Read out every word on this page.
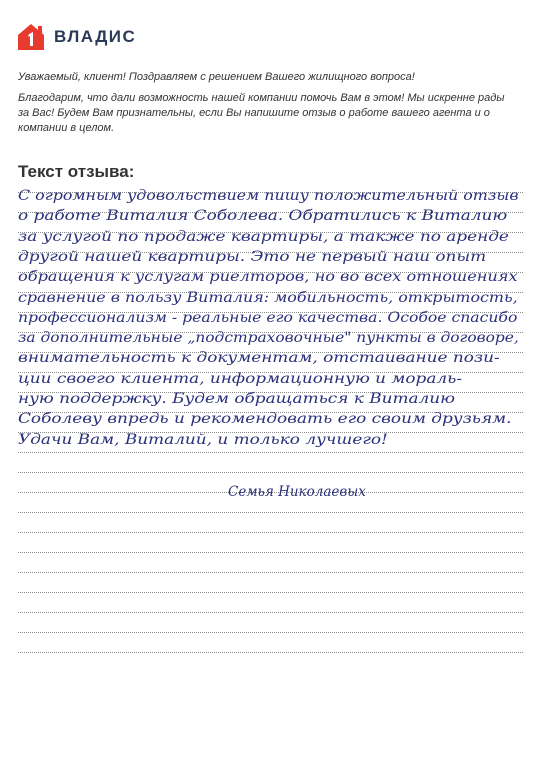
ВЛАДИС

Уважаемый, клиент! Поздравляем с решением Вашего жилищного вопроса!

Благодарим, что дали возможность нашей компании помочь Вам в этом! Мы искренне рады за Вас! Будем Вам признательны, если Вы напишите отзыв о работе вашего агента и о компании в целом.

Текст отзыва:
С огромным удовольствием пишу положительный отзыв
о работе Виталия Соболева. Обратились к Виталию
за услугой по продаже квартиры, а также по аренде
другой нашей квартиры. Это не первый наш опыт
обращения к услугам риелторов, но во всех отношениях
сравнение в пользу Виталия: мобильность, открытость,
профессионализм - реальные его качества. Особое спасибо
за дополнительные „подстраховочные" пункты в договоре,
внимательность к документам, отстаивание пози-
ции своего клиента, информационную и мораль-
ную поддержку. Будем обращаться к Виталию
Соболеву впредь и рекомендовать его своим друзьям.
Удачи Вам, Виталий, и только лучшего!
Семья Николаевых
